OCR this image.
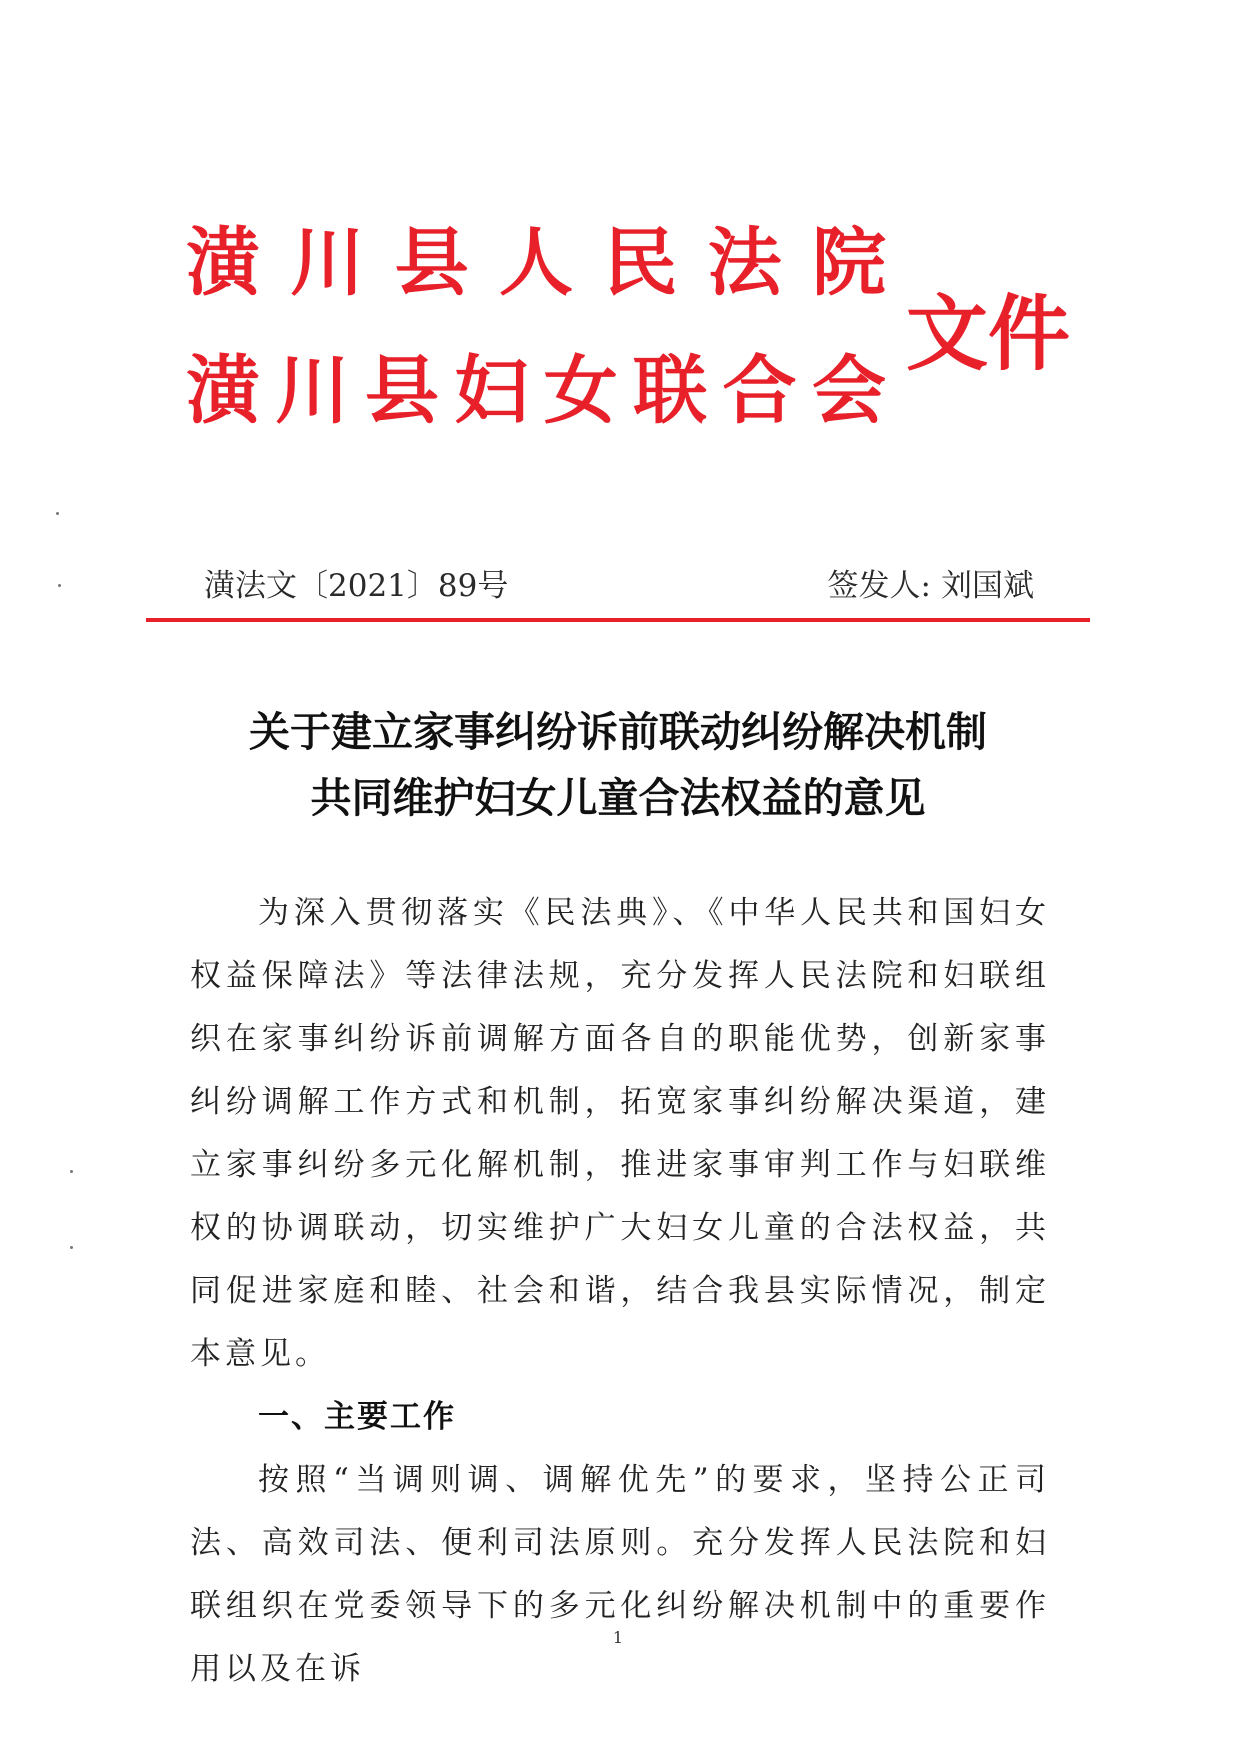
潢 川 县 人 民 法 院
潢 川 县 妇 女 联 合 会
文件
潢法文〔2021〕89号	签发人: 刘国斌
关于建立家事纠纷诉前联动纠纷解决机制
共同维护妇女儿童合法权益的意见

为深入贯彻落实《民法典》、《中华人民共和国妇女权益保障法》等法律法规，充分发挥人民法院和妇联组织在家事纠纷诉前调解方面各自的职能优势，创新家事纠纷调解工作方式和机制，拓宽家事纠纷解决渠道，建立家事纠纷多元化解机制，推进家事审判工作与妇联维权的协调联动，切实维护广大妇女儿童的合法权益，共同促进家庭和睦、社会和谐，结合我县实际情况，制定本意见。

一、主要工作

按照“当调则调、调解优先”的要求，坚持公正司法、高效司法、便利司法原则。充分发挥人民法院和妇联组织在党委领导下的多元化纠纷解决机制中的重要作用以及在诉

1
